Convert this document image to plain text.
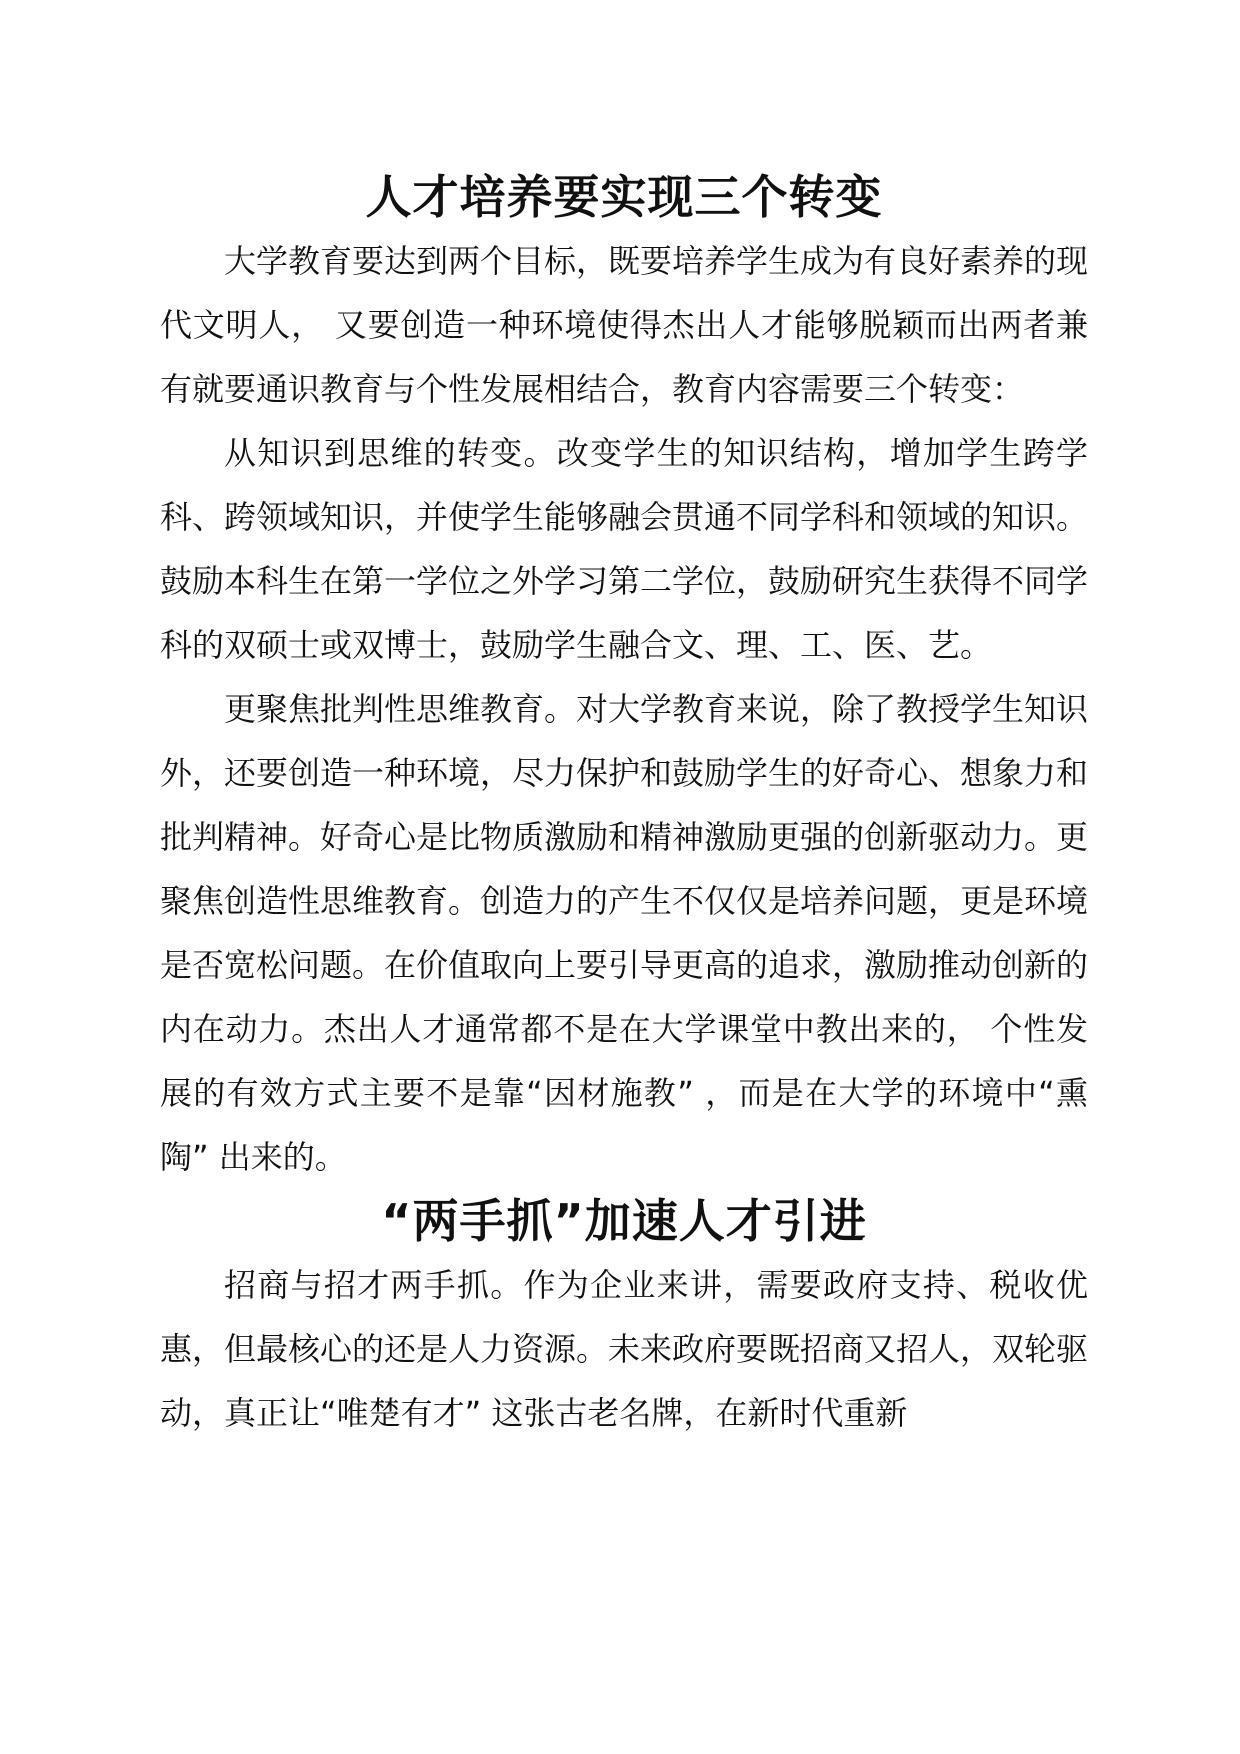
人才培养要实现三个转变

大学教育要达到两个目标，既要培养学生成为有良好素养的现代文明人， 又要创造一种环境使得杰出人才能够脱颖而出两者兼有就要通识教育与个性发展相结合，教育内容需要三个转变：

从知识到思维的转变。改变学生的知识结构，增加学生跨学科、跨领域知识，并使学生能够融会贯通不同学科和领域的知识。鼓励本科生在第一学位之外学习第二学位，鼓励研究生获得不同学科的双硕士或双博士，鼓励学生融合文、理、工、医、艺。

更聚焦批判性思维教育。对大学教育来说，除了教授学生知识外，还要创造一种环境，尽力保护和鼓励学生的好奇心、想象力和批判精神。好奇心是比物质激励和精神激励更强的创新驱动力。更聚焦创造性思维教育。创造力的产生不仅仅是培养问题，更是环境是否宽松问题。在价值取向上要引导更高的追求，激励推动创新的内在动力。杰出人才通常都不是在大学课堂中教出来的， 个性发展的有效方式主要不是靠“因材施教” ，而是在大学的环境中“熏陶” 出来的。

“两手抓”加速人才引进

招商与招才两手抓。作为企业来讲，需要政府支持、税收优惠，但最核心的还是人力资源。未来政府要既招商又招人，双轮驱动，真正让“唯楚有才” 这张古老名牌，在新时代重新
